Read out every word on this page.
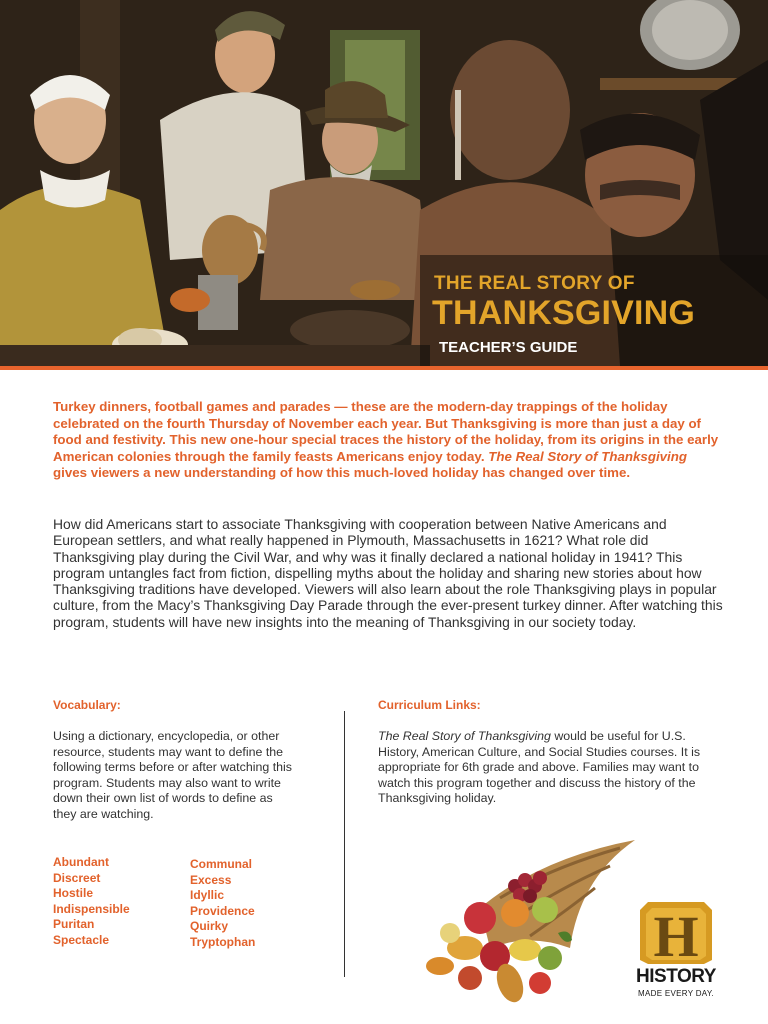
THE REAL STORY OF
THANKSGIVING
TEACHER’S GUIDE

Turkey dinners, football games and parades — these are the modern-day trappings of the holiday celebrated on the fourth Thursday of November each year. But Thanksgiving is more than just a day of food and festivity. This new one-hour special traces the history of the holiday, from its origins in the early American colonies through the family feasts Americans enjoy today. The Real Story of Thanksgiving gives viewers a new understanding of how this much-loved holiday has changed over time.

How did Americans start to associate Thanksgiving with cooperation between Native Americans and European settlers, and what really happened in Plymouth, Massachusetts in 1621? What role did Thanksgiving play during the Civil War, and why was it finally declared a national holiday in 1941? This program untangles fact from fiction, dispelling myths about the holiday and sharing new stories about how Thanksgiving traditions have developed. Viewers will also learn about the role Thanksgiving plays in popular culture, from the Macy’s Thanksgiving Day Parade through the ever-present turkey dinner. After watching this program, students will have new insights into the meaning of Thanksgiving in our society today.

Vocabulary:

Using a dictionary, encyclopedia, or other resource, students may want to define the following terms before or after watching this program. Students may also want to write down their own list of words to define as they are watching.

Abundant
Discreet
Hostile
Indispensible
Puritan
Spectacle
Communal
Excess
Idyllic
Providence
Quirky
Tryptophan
Curriculum Links:

The Real Story of Thanksgiving would be useful for U.S. History, American Culture, and Social Studies courses. It is appropriate for 6th grade and above. Families may want to watch this program together and discuss the history of the Thanksgiving holiday.

H
HISTORY
MADE EVERY DAY.
